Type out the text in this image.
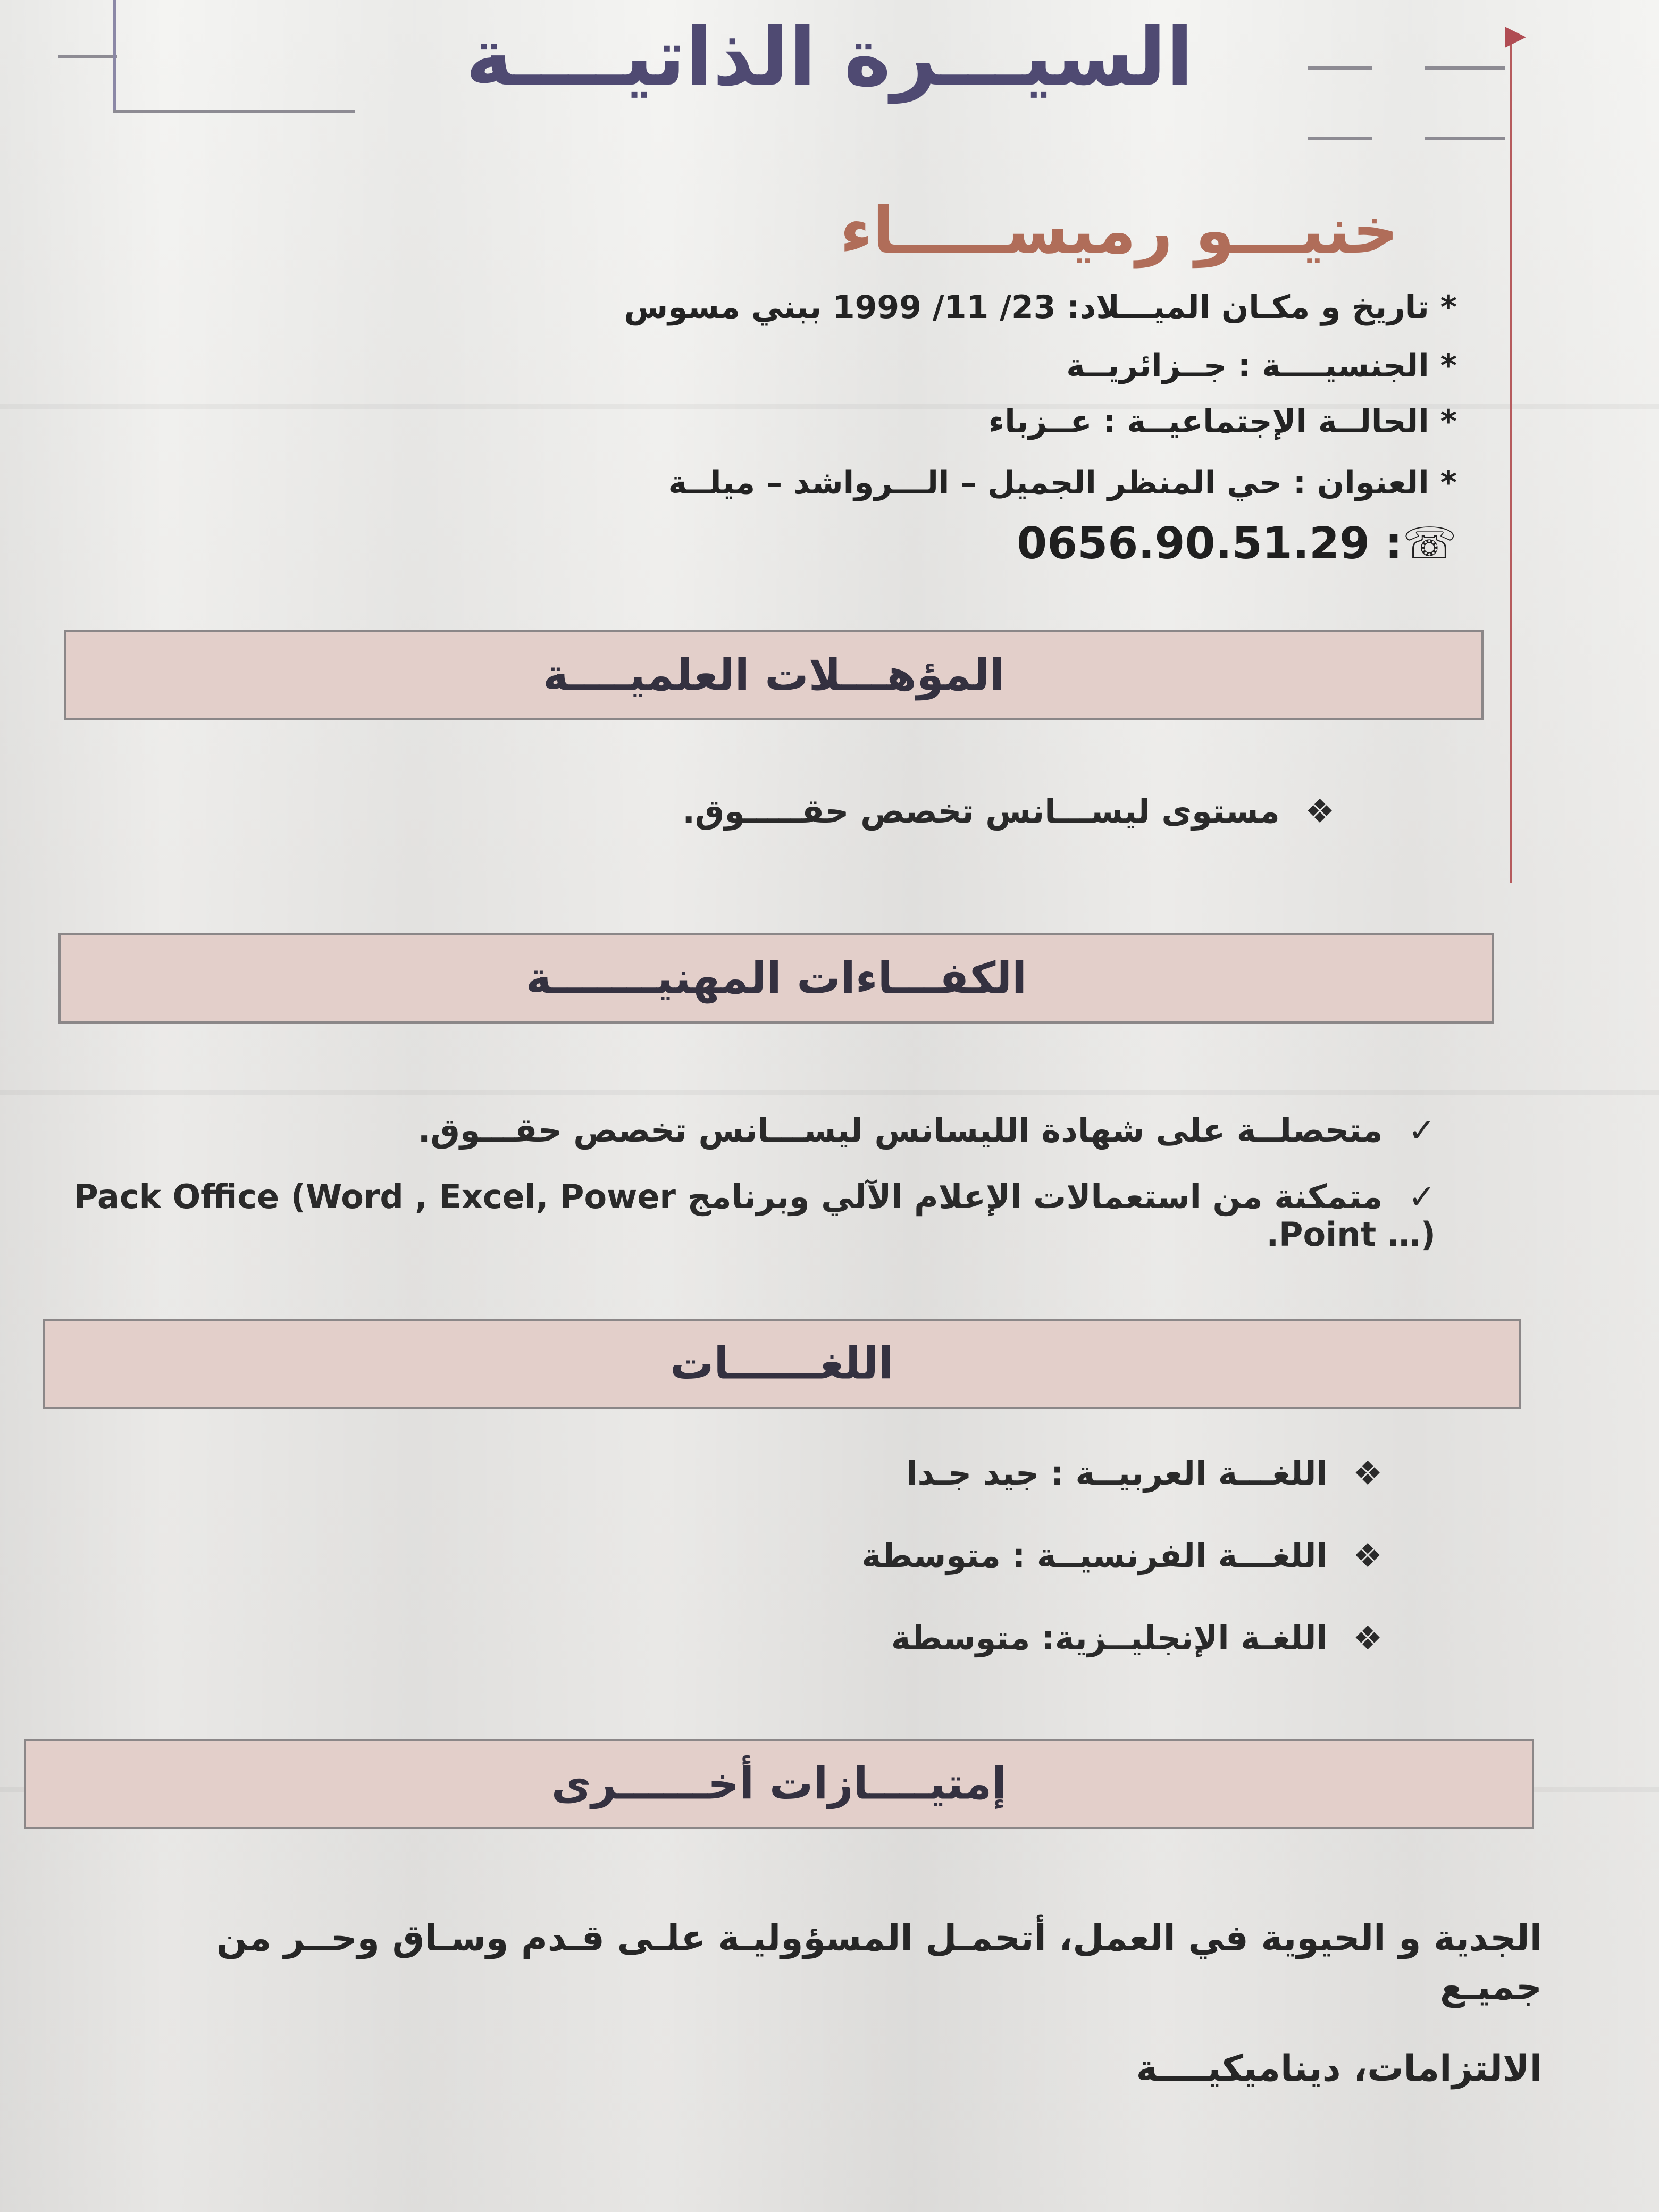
السيـــرة الذاتيــــة
خنيـــو رميســـــاء
* تاريخ و مكـان الميـــلاد: 23/ 11/ 1999 ببني مسوس
* الجنسيــــة : جــزائريــة
* الحالــة الإجتماعيــة : عــزباء
* العنوان : حي المنظر الجميل – الـــرواشد – ميلــة
☏: 0656.90.51.29
المؤهـــلات العلميــــة
❖ مستوى ليســـانس تخصص حقـــــوق.
الكفـــاءات المهنيـــــــة
✓ متحصلــة على شهادة الليسانس ليســـانس تخصص حقـــوق.
✓ متمكنة من استعمالات الإعلام الآلي وبرنامج Pack Office (Word , Excel, Power Point …).
اللغــــــات
❖ اللغـــة العربيــة : جيد جـدا
❖ اللغـــة الفرنسيــة : متوسطة
❖ اللغـة الإنجليــزية: متوسطة
إمتيــــازات أخــــــرى
الجدية و الحيوية في العمل، أتحمـل المسؤوليـة علـى قـدم وسـاق وحــر من جميـع
الالتزامات، ديناميكيــــة
